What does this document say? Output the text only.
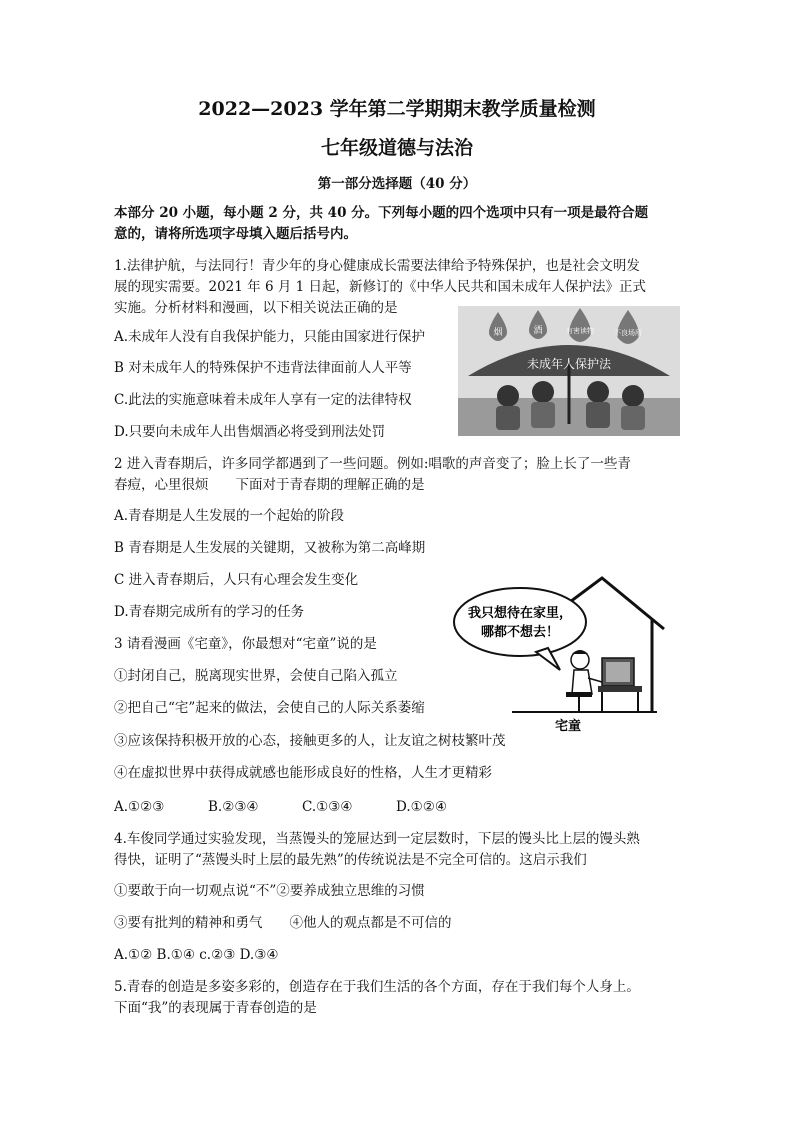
2022—2023 学年第二学期期末教学质量检测
七年级道德与法治
第一部分选择题（40 分）
本部分 20 小题，每小题 2 分，共 40 分。下列每小题的四个选项中只有一项是最符合题
意的，请将所选项字母填入题后括号内。
1.法律护航，与法同行！青少年的身心健康成长需要法律给予特殊保护，也是社会文明发
展的现实需要。2021 年 6 月 1 日起，新修订的《中华人民共和国未成年人保护法》正式
实施。分析材料和漫画，以下相关说法正确的是
A.未成年人没有自我保护能力，只能由国家进行保护
B 对未成年人的特殊保护不违背法律面前人人平等
C.此法的实施意味着未成年人享有一定的法律特权
D.只要向未成年人出售烟酒必将受到刑法处罚
烟	酒	有害读物	不良场所
未成年人保护法
2 进入青春期后，许多同学都遇到了一些问题。例如:唱歌的声音变了；脸上长了一些青
春痘，心里很烦　　下面对于青春期的理解正确的是
A.青春期是人生发展的一个起始的阶段
B 青春期是人生发展的关键期，又被称为第二高峰期
C 进入青春期后，人只有心理会发生变化
D.青春期完成所有的学习的任务
3 请看漫画《宅童》，你最想对“宅童”说的是
①封闭自己，脱离现实世界，会使自己陷入孤立
②把自己“宅”起来的做法，会使自己的人际关系萎缩
③应该保持积极开放的心态，接触更多的人，让友谊之树枝繁叶茂
④在虚拟世界中获得成就感也能形成良好的性格，人生才更精彩
A.①②③	B.②③④	C.①③④	D.①②④
我只想待在家里，
哪都不想去！
宅童
4.车俊同学通过实验发现，当蒸馒头的笼屉达到一定层数时，下层的馒头比上层的馒头熟
得快，证明了“蒸馒头时上层的最先熟”的传统说法是不完全可信的。这启示我们
①要敢于向一切观点说“不”②要养成独立思维的习惯
③要有批判的精神和勇气　　④他人的观点都是不可信的
A.①② B.①④ c.②③ D.③④
5.青春的创造是多姿多彩的，创造存在于我们生活的各个方面，存在于我们每个人身上。
下面“我”的表现属于青春创造的是
